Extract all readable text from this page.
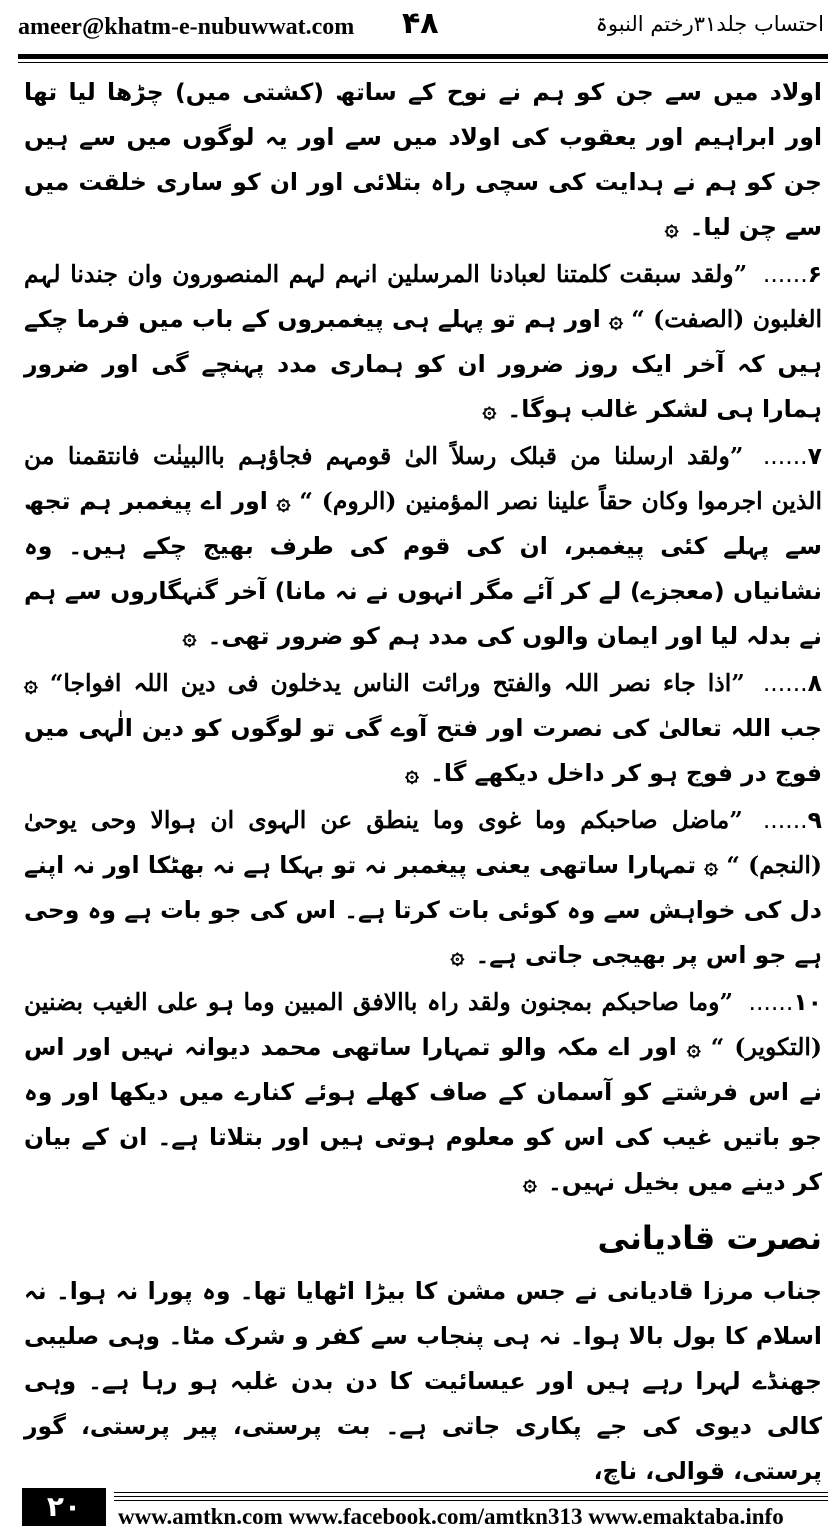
ameer@khatm-e-nubuwwat.com ۴۸	احتساب جلد۳۱رختم النبوۃ

اولاد میں سے جن کو ہم نے نوح کے ساتھ (کشتی میں) چڑھا لیا تھا اور ابراہیم اور یعقوب کی اولاد میں سے اور یہ لوگوں میں سے ہیں جن کو ہم نے ہدایت کی سچی راہ بتلائی اور ان کو ساری خلقت میں سے چن لیا۔ ۞

۶...... ”ولقد سبقت کلمتنا لعبادنا المرسلین انہم لہم المنصورون وان جندنا لہم الغلبون (الصفت) “ ۞ اور ہم تو پہلے ہی پیغمبروں کے باب میں فرما چکے ہیں کہ آخر ایک روز ضرور ان کو ہماری مدد پہنچے گی اور ضرور ہمارا ہی لشکر غالب ہوگا۔ ۞

۷...... ”ولقد ارسلنا من قبلک رسلاً الیٰ قومہم فجاؤہم باالبینٰت فانتقمنا من الذین اجرموا وکان حقاً علینا نصر المؤمنین (الروم) “ ۞ اور اے پیغمبر ہم تجھ سے پہلے کئی پیغمبر، ان کی قوم کی طرف بھیج چکے ہیں۔ وہ نشانیاں (معجزے) لے کر آئے مگر انہوں نے نہ مانا) آخر گنہگاروں سے ہم نے بدلہ لیا اور ایمان والوں کی مدد ہم کو ضرور تھی۔ ۞

۸...... ”اذا جاء نصر اللہ والفتح ورائت الناس یدخلون فی دین اللہ افواجا“ ۞ جب اللہ تعالیٰ کی نصرت اور فتح آوے گی تو لوگوں کو دین الٰہی میں فوج در فوج ہو کر داخل دیکھے گا۔ ۞

۹...... ”ماضل صاحبکم وما غوی وما ینطق عن الہوی ان ہوالا وحی یوحیٰ (النجم) “ ۞ تمہارا ساتھی یعنی پیغمبر نہ تو بہکا ہے نہ بھٹکا اور نہ اپنے دل کی خواہش سے وہ کوئی بات کرتا ہے۔ اس کی جو بات ہے وہ وحی ہے جو اس پر بھیجی جاتی ہے۔ ۞

۱۰...... ”وما صاحبکم بمجنون ولقد راہ باالافق المبین وما ہو علی الغیب بضنین (التکویر) “ ۞ اور اے مکہ والو تمہارا ساتھی محمد دیوانہ نہیں اور اس نے اس فرشتے کو آسمان کے صاف کھلے ہوئے کنارے میں دیکھا اور وہ جو باتیں غیب کی اس کو معلوم ہوتی ہیں اور بتلاتا ہے۔ ان کے بیان کر دینے میں بخیل نہیں۔ ۞

نصرت قادیانی

جناب مرزا قادیانی نے جس مشن کا بیڑا اٹھایا تھا۔ وہ پورا نہ ہوا۔ نہ اسلام کا بول بالا ہوا۔ نہ ہی پنجاب سے کفر و شرک مٹا۔ وہی صلیبی جھنڈے لہرا رہے ہیں اور عیسائیت کا دن بدن غلبہ ہو رہا ہے۔ وہی کالی دیوی کی جے پکاری جاتی ہے۔ بت پرستی، پیر پرستی، گور پرستی، قوالی، ناچ،

۲۰	www.amtkn.com www.facebook.com/amtkn313 www.emaktaba.info
